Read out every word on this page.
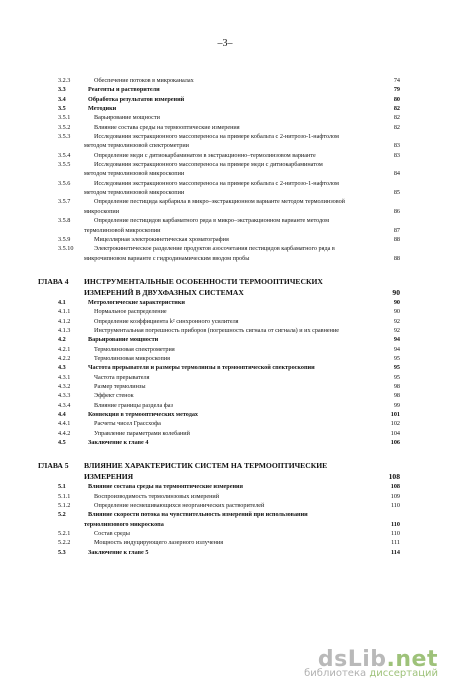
–3–
3.2.3	Обеспечение потоков в микроканалах	74
3.3	Реагенты и растворители	79
3.4	Обработка результатов измерений	80
3.5	Методики	82
3.5.1	Варьирование мощности	82
3.5.2	Влияние состава среды на термооптические измерения	82
3.5.3	Исследования экстракционного массопереноса на примере кобальта с 2-нитрозо-1-нафтолом
методом термолинзовой спектрометрии	83
3.5.4	Определение меди с дитиокарбаминатом в экстракционно–термолинзовом варианте	83
3.5.5	Исследования экстракционного массопереноса на примере меди с дитиокарбаминатом
методом термолинзовой микроскопии	84
3.5.6	Исследования экстракционного массопереноса на примере кобальта с 2-нитрозо-1-нафтолом
методом термолинзовой микроскопии	85
3.5.7	Определение пестицида карбарила в микро–экстракционном варианте методом термолинзовой
микроскопии	86
3.5.8	Определение пестицидов карбаматного ряда в микро–экстракционном варианте методом
термолинзовой микроскопии	87
3.5.9	Мицеллярная электрокинетическая хроматография	88
3.5.10	Электрокинетическое разделение продуктов азосочетания пестицидов карбаматного ряда в
микрочипновом варианте с гидродинамическим вводом пробы	88
ГЛАВА 4 ИНСТРУМЕНТАЛЬНЫЕ ОСОБЕННОСТИ ТЕРМООПТИЧЕСКИХ
ИЗМЕРЕНИЙ В ДВУХФАЗНЫХ СИСТЕМАХ	90
4.1	Метрологические характеристики	90
4.1.1	Нормальное распределение	90
4.1.2	Определение коэффициента k² синхронного усилителя	92
4.1.3	Инструментальная погрешность приборов (погрешность сигнала от сигнала) и их сравнение	92
4.2	Варьирование мощности	94
4.2.1	Термолинзовая спектрометрия	94
4.2.2	Термолинзовая микроскопия	95
4.3	Частота прерывателя и размеры термолинзы в термооптической спектроскопии	95
4.3.1	Частота прерывателя	95
4.3.2	Размер термолинзы	98
4.3.3	Эффект стенок	98
4.3.4	Влияние границы раздела фаз	99
4.4	Конвекция в термооптических методах	101
4.4.1	Расчеты чисел Грассхофа	102
4.4.2	Управление параметрами колебаний	104
4.5	Заключение к главе 4	106
ГЛАВА 5 ВЛИЯНИЕ ХАРАКТЕРИСТИК СИСТЕМ НА ТЕРМООПТИЧЕСКИЕ
ИЗМЕРЕНИЯ	108
5.1	Влияние состава среды на термооптические измерения	108
5.1.1	Воспроизводимость термолинзовых измерений	109
5.1.2	Определение несмешивающихся неорганических растворителей	110
5.2	Влияние скорости потока на чувствительность измерений при использовании
термолинзового микроскопа	110
5.2.1	Состав среды	110
5.2.2	Мощность индуцирующего лазерного излучения	111
5.3	Заключение к главе 5	114
dsLib.net
библиотека диссертаций
